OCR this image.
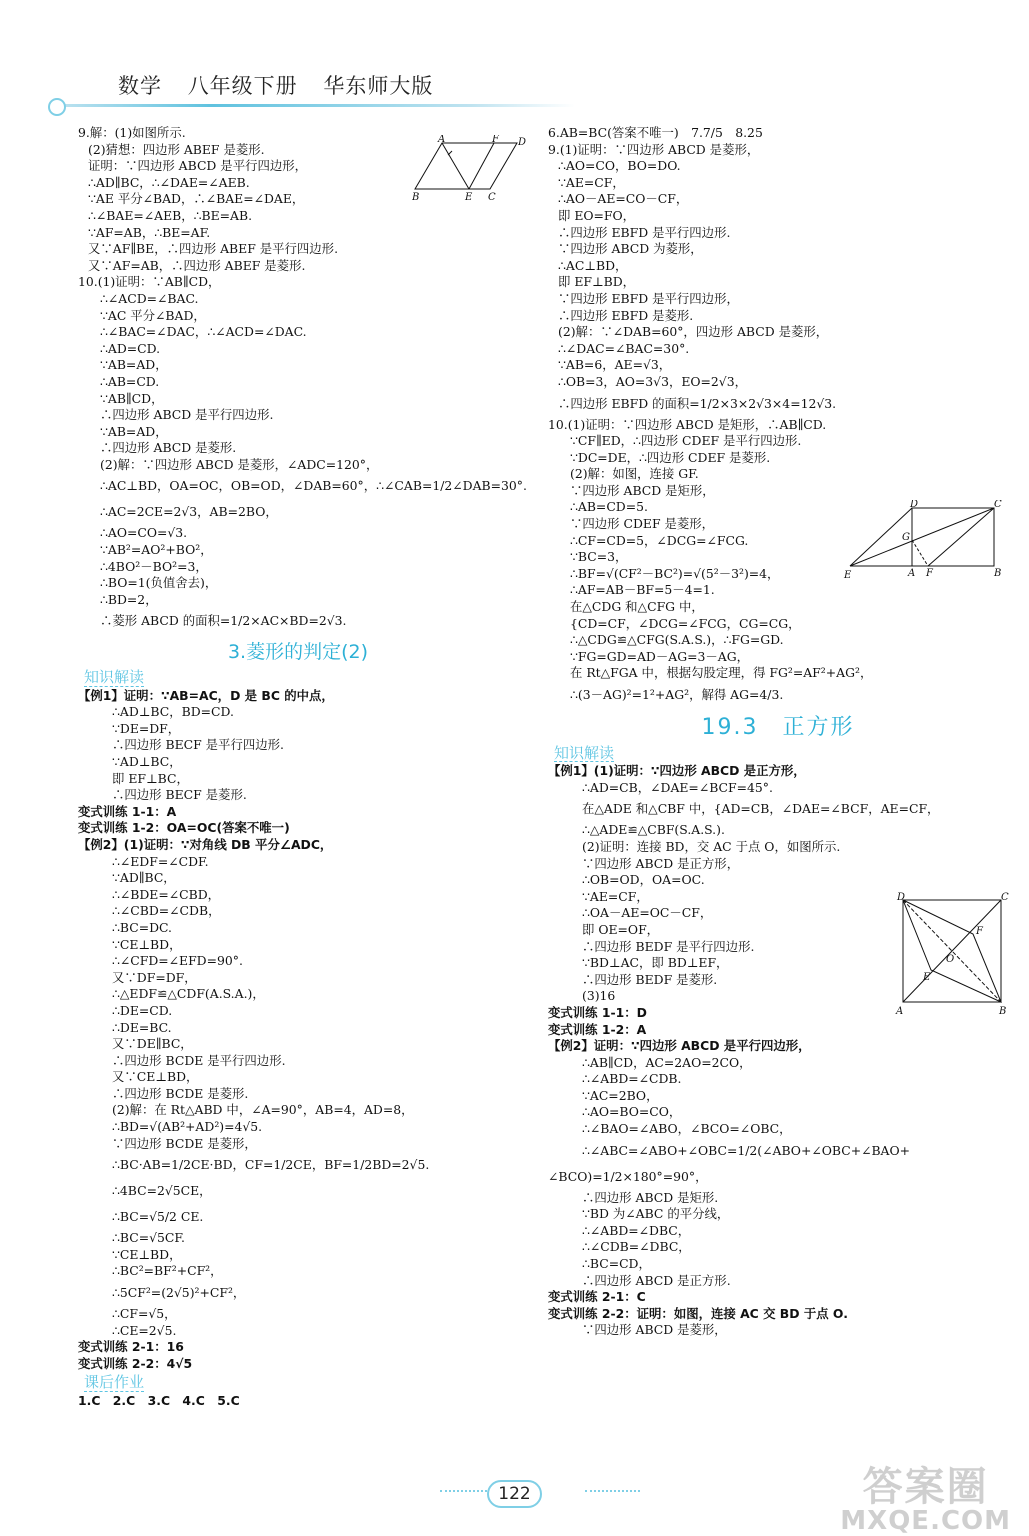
数学 八年级下册 华东师大版
9.解：(1)如图所示.
(2)猜想：四边形 ABEF 是菱形.
证明：∵四边形 ABCD 是平行四边形，
∴AD∥BC，∴∠DAE=∠AEB.
∵AE 平分∠BAD，∴∠BAE=∠DAE，
∴∠BAE=∠AEB，∴BE=AB.
∵AF=AB，∴BE=AF.
又∵AF∥BE，∴四边形 ABEF 是平行四边形.
又∵AF=AB，∴四边形 ABEF 是菱形.
10.(1)证明：∵AB∥CD，
∴∠ACD=∠BAC.
∵AC 平分∠BAD，
∴∠BAC=∠DAC，∴∠ACD=∠DAC.
∴AD=CD.
∵AB=AD，
∴AB=CD.
∵AB∥CD，
∴四边形 ABCD 是平行四边形.
∵AB=AD，
∴四边形 ABCD 是菱形.
(2)解：∵四边形 ABCD 是菱形，∠ADC=120°，
∴AC⊥BD，OA=OC，OB=OD，∠DAB=60°，∴∠CAB=1/2∠DAB=30°.
∴AC=2CE=2√3，AB=2BO，
∴AO=CO=√3.
∵AB²=AO²+BO²，
∴4BO²－BO²=3，
∴BO=1(负值舍去)，
∴BD=2，
∴菱形 ABCD 的面积=1/2×AC×BD=2√3.
3.菱形的判定(2)
知识解读
【例1】证明：∵AB=AC，D 是 BC 的中点，
∴AD⊥BC，BD=CD.
∵DE=DF，
∴四边形 BECF 是平行四边形.
∵AD⊥BC，
即 EF⊥BC，
∴四边形 BECF 是菱形.
变式训练 1-1：A
变式训练 1-2：OA=OC(答案不唯一)
【例2】(1)证明：∵对角线 DB 平分∠ADC，
∴∠EDF=∠CDF.
∵AD∥BC，
∴∠BDE=∠CBD，
∴∠CBD=∠CDB，
∴BC=DC.
∵CE⊥BD，
∴∠CFD=∠EFD=90°.
又∵DF=DF，
∴△EDF≌△CDF(A.S.A.)，
∴DE=CD.
∴DE=BC.
又∵DE∥BC，
∴四边形 BCDE 是平行四边形.
又∵CE⊥BD，
∴四边形 BCDE 是菱形.
(2)解：在 Rt△ABD 中，∠A=90°，AB=4，AD=8，
∴BD=√(AB²+AD²)=4√5.
∵四边形 BCDE 是菱形，
∴BC·AB=1/2CE·BD，CF=1/2CE，BF=1/2BD=2√5.
∴4BC=2√5CE，
∴BC=√5/2 CE.
∴BC=√5CF.
∵CE⊥BD，
∴BC²=BF²+CF²，
∴5CF²=(2√5)²+CF²，
∴CF=√5，
∴CE=2√5.
变式训练 2-1：16
变式训练 2-2：4√5
课后作业
1.C　2.C　3.C　4.C　5.C
6.AB=BC(答案不唯一)　7.7/5　8.25
9.(1)证明：∵四边形 ABCD 是菱形，
∴AO=CO，BO=DO.
∵AE=CF，
∴AO－AE=CO－CF，
即 EO=FO，
∴四边形 EBFD 是平行四边形.
∵四边形 ABCD 为菱形，
∴AC⊥BD，
即 EF⊥BD，
∵四边形 EBFD 是平行四边形，
∴四边形 EBFD 是菱形.
(2)解：∵∠DAB=60°，四边形 ABCD 是菱形，
∴∠DAC=∠BAC=30°.
∵AB=6，AE=√3，
∴OB=3，AO=3√3，EO=2√3，
∴四边形 EBFD 的面积=1/2×3×2√3×4=12√3.
10.(1)证明：∵四边形 ABCD 是矩形，∴AB∥CD.
∵CF∥ED，∴四边形 CDEF 是平行四边形.
∵DC=DE，∴四边形 CDEF 是菱形.
(2)解：如图，连接 GF.
∵四边形 ABCD 是矩形，
∴AB=CD=5.
∵四边形 CDEF 是菱形，
∴CF=CD=5，∠DCG=∠FCG.
∵BC=3，
∴BF=√(CF²－BC²)=√(5²－3²)=4，
∴AF=AB－BF=5－4=1.
在△CDG 和△CFG 中，
{CD=CF，∠DCG=∠FCG，CG=CG，
∴△CDG≌△CFG(S.A.S.)，∴FG=GD.
∵FG=GD=AD－AG=3－AG，
在 Rt△FGA 中，根据勾股定理，得 FG²=AF²+AG²，
∴(3－AG)²=1²+AG²，解得 AG=4/3.
19.3　正方形
知识解读
【例1】(1)证明：∵四边形 ABCD 是正方形，
∴AD=CB，∠DAE=∠BCF=45°.
在△ADE 和△CBF 中，{AD=CB，∠DAE=∠BCF，AE=CF，
∴△ADE≌△CBF(S.A.S.).
(2)证明：连接 BD，交 AC 于点 O，如图所示.
∵四边形 ABCD 是正方形，
∴OB=OD，OA=OC.
∵AE=CF，
∴OA－AE=OC－CF，
即 OE=OF，
∴四边形 BEDF 是平行四边形.
∵BD⊥AC，即 BD⊥EF，
∴四边形 BEDF 是菱形.
(3)16
变式训练 1-1：D
变式训练 1-2：A
【例2】证明：∵四边形 ABCD 是平行四边形，
∴AB∥CD，AC=2AO=2CO，
∴∠ABD=∠CDB.
∵AC=2BO，
∴AO=BO=CO，
∴∠BAO=∠ABO，∠BCO=∠OBC，
∴∠ABC=∠ABO+∠OBC=1/2(∠ABO+∠OBC+∠BAO+
∠BCO)=1/2×180°=90°，
∴四边形 ABCD 是矩形.
∵BD 为∠ABC 的平分线，
∴∠ABD=∠DBC，
∴∠CDB=∠DBC，
∴BC=CD，
∴四边形 ABCD 是正方形.
变式训练 2-1：C
变式训练 2-2：证明：如图，连接 AC 交 BD 于点 O.
∵四边形 ABCD 是菱形，
A	F D
B	E C
D	C
G
E	A F	B
D	C
F
O
E
A	B
122	答案圈
MXQE.COM
